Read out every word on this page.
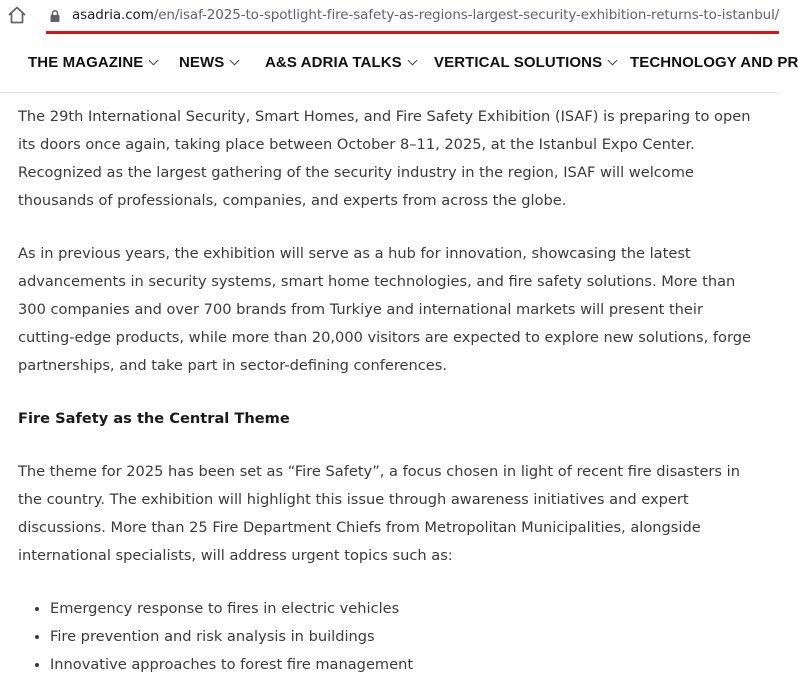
asadria.com/en/isaf-2025-to-spotlight-fire-safety-as-regions-largest-security-exhibition-returns-to-istanbul/
THE MAGAZINE	NEWS	A&S ADRIA TALKS	VERTICAL SOLUTIONS	TECHNOLOGY AND PR

The 29th International Security, Smart Homes, and Fire Safety Exhibition (ISAF) is preparing to open its doors once again, taking place between October 8–11, 2025, at the Istanbul Expo Center. Recognized as the largest gathering of the security industry in the region, ISAF will welcome thousands of professionals, companies, and experts from across the globe.

As in previous years, the exhibition will serve as a hub for innovation, showcasing the latest advancements in security systems, smart home technologies, and fire safety solutions. More than 300 companies and over 700 brands from Turkiye and international markets will present their cutting-edge products, while more than 20,000 visitors are expected to explore new solutions, forge partnerships, and take part in sector-defining conferences.

Fire Safety as the Central Theme

The theme for 2025 has been set as “Fire Safety”, a focus chosen in light of recent fire disasters in the country. The exhibition will highlight this issue through awareness initiatives and expert discussions. More than 25 Fire Department Chiefs from Metropolitan Municipalities, alongside international specialists, will address urgent topics such as:

• Emergency response to fires in electric vehicles
• Fire prevention and risk analysis in buildings
• Innovative approaches to forest fire management
